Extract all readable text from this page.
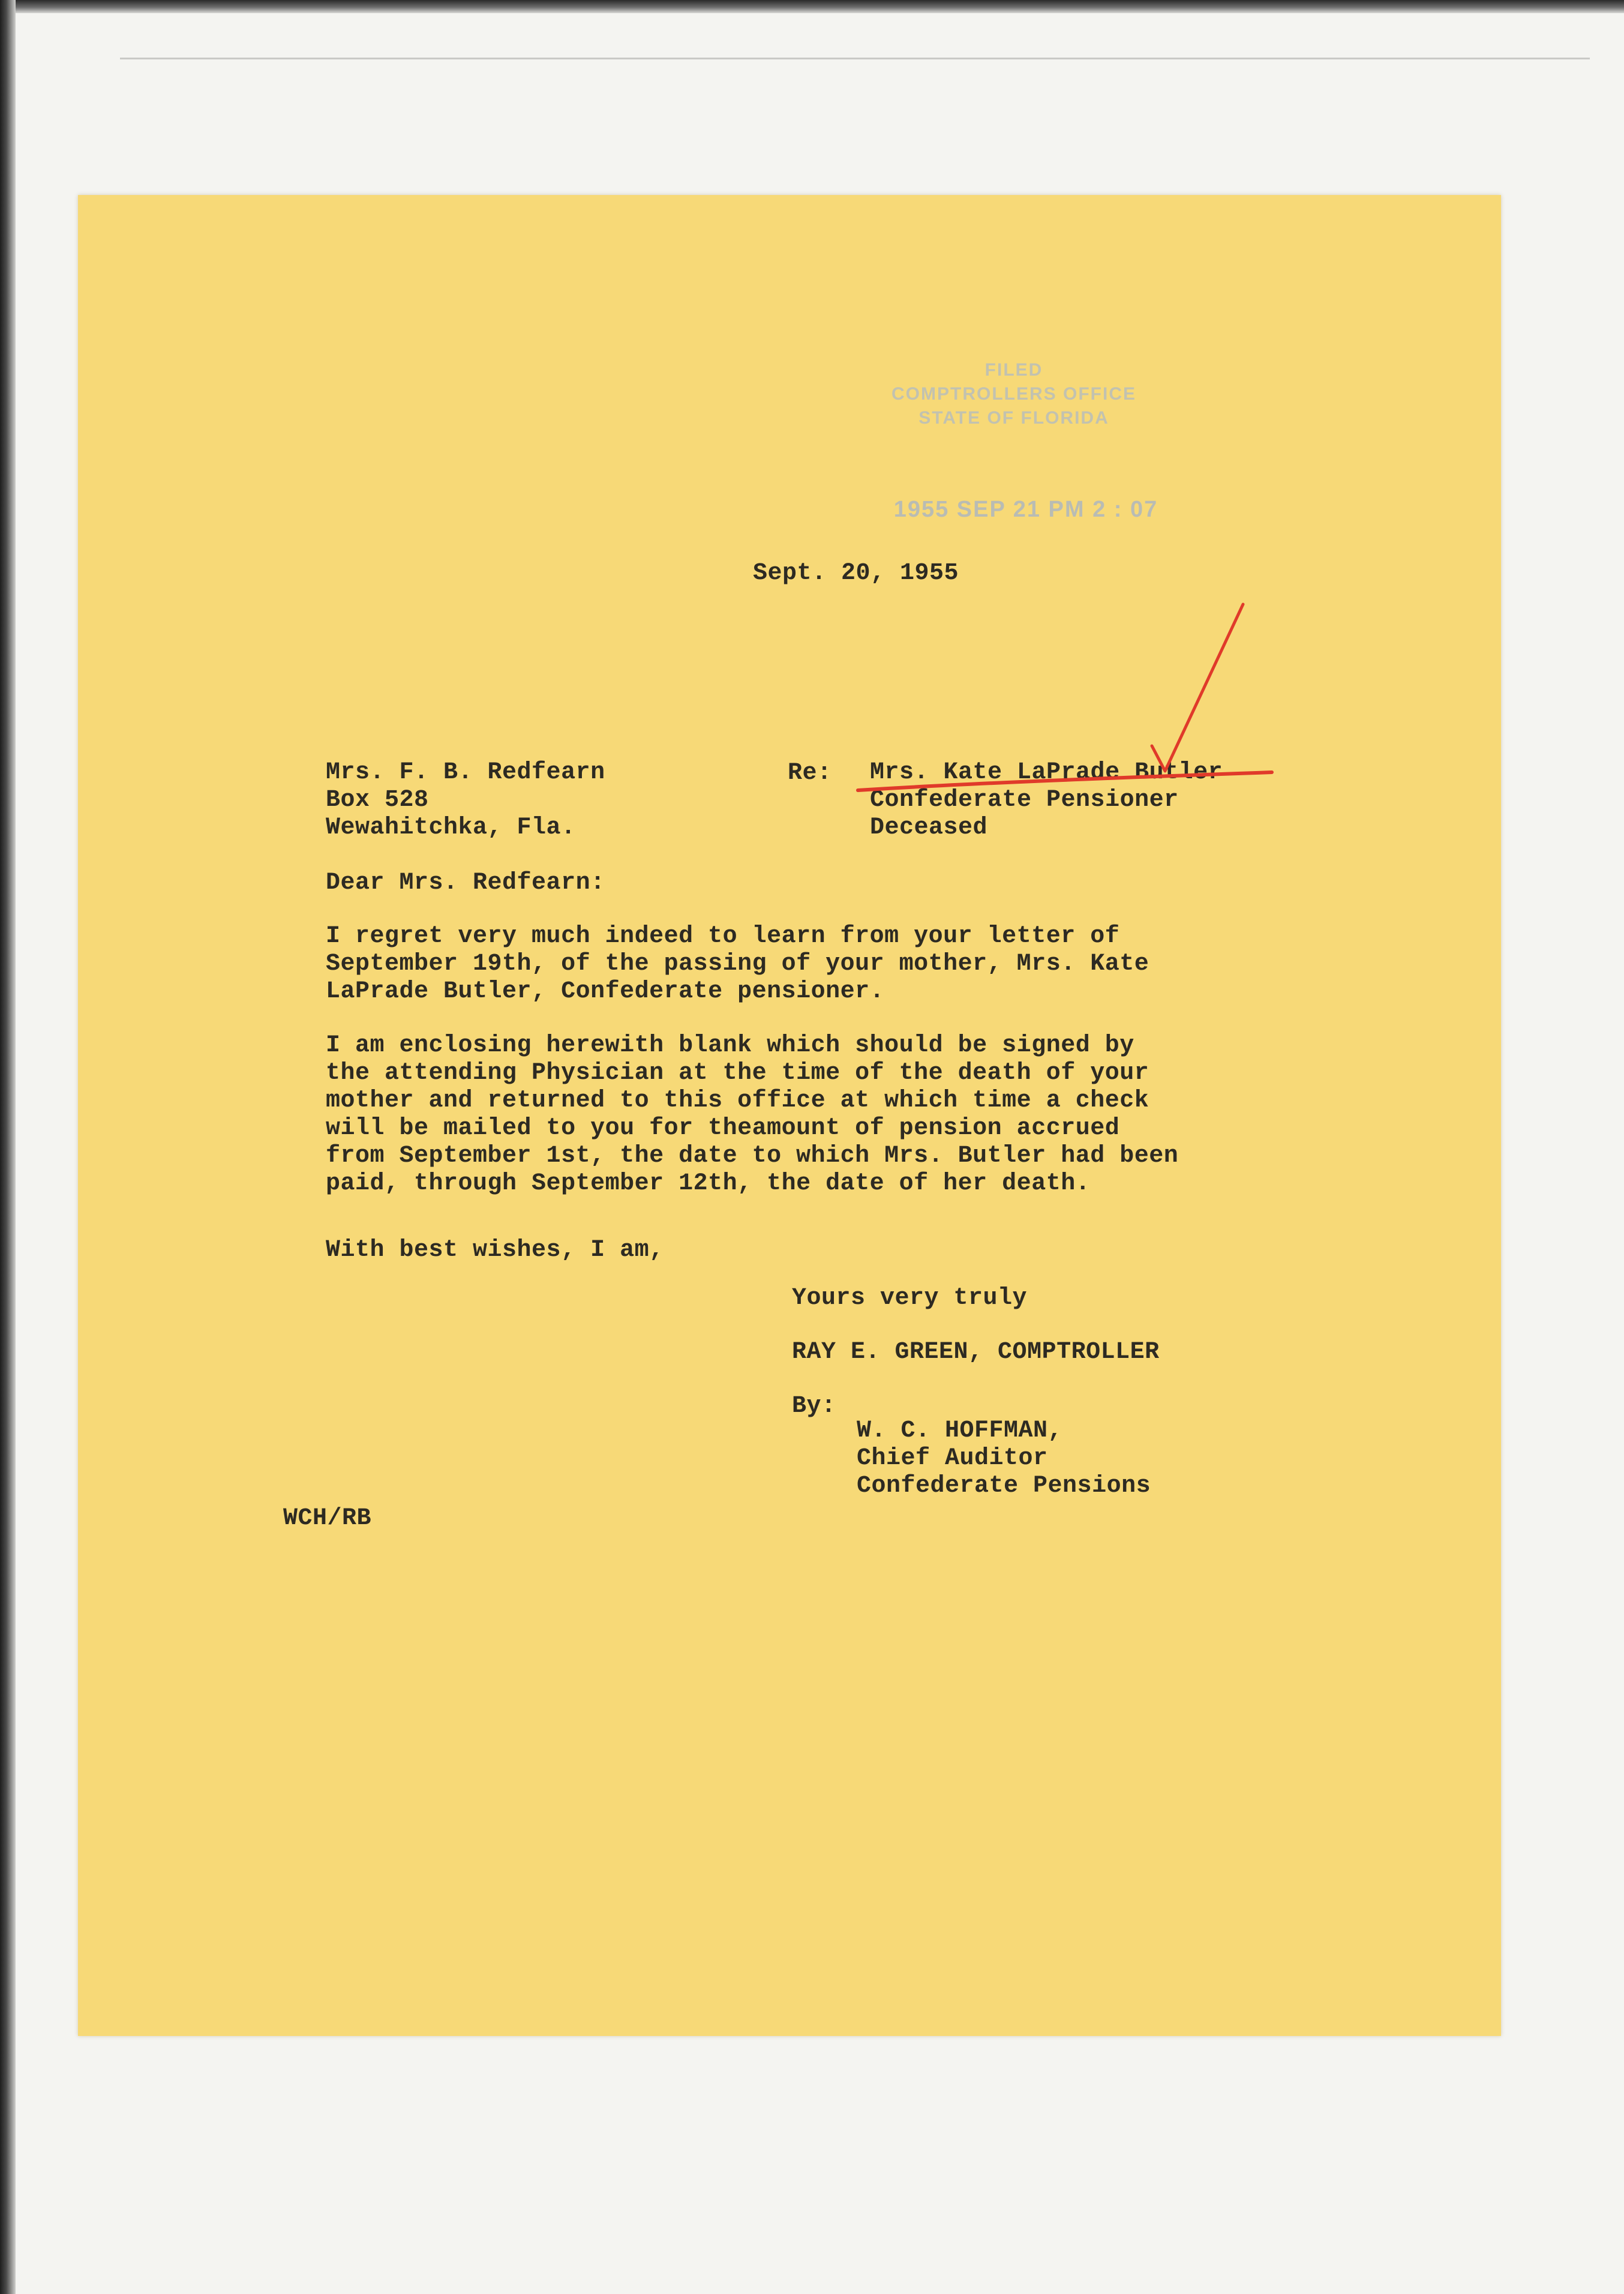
FILED
COMPTROLLERS OFFICE
STATE OF FLORIDA
1955 SEP 21 PM 2 : 07
Sept. 20, 1955
Mrs. F. B. Redfearn
Box 528
Wewahitchka, Fla.
Re: Mrs. Kate LaPrade Butler
Confederate Pensioner
Deceased
Dear Mrs. Redfearn:
I regret very much indeed to learn from your letter of
September 19th, of the passing of your mother, Mrs. Kate
LaPrade Butler, Confederate pensioner.
I am enclosing herewith blank which should be signed by
the attending Physician at the time of the death of your
mother and returned to this office at which time a check
will be mailed to you for theamount of pension accrued
from September 1st, the date to which Mrs. Butler had been
paid, through September 12th, the date of her death.
With best wishes, I am,
Yours very truly
RAY E. GREEN, COMPTROLLER
By:
W. C. HOFFMAN,
Chief Auditor
Confederate Pensions
WCH/RB
